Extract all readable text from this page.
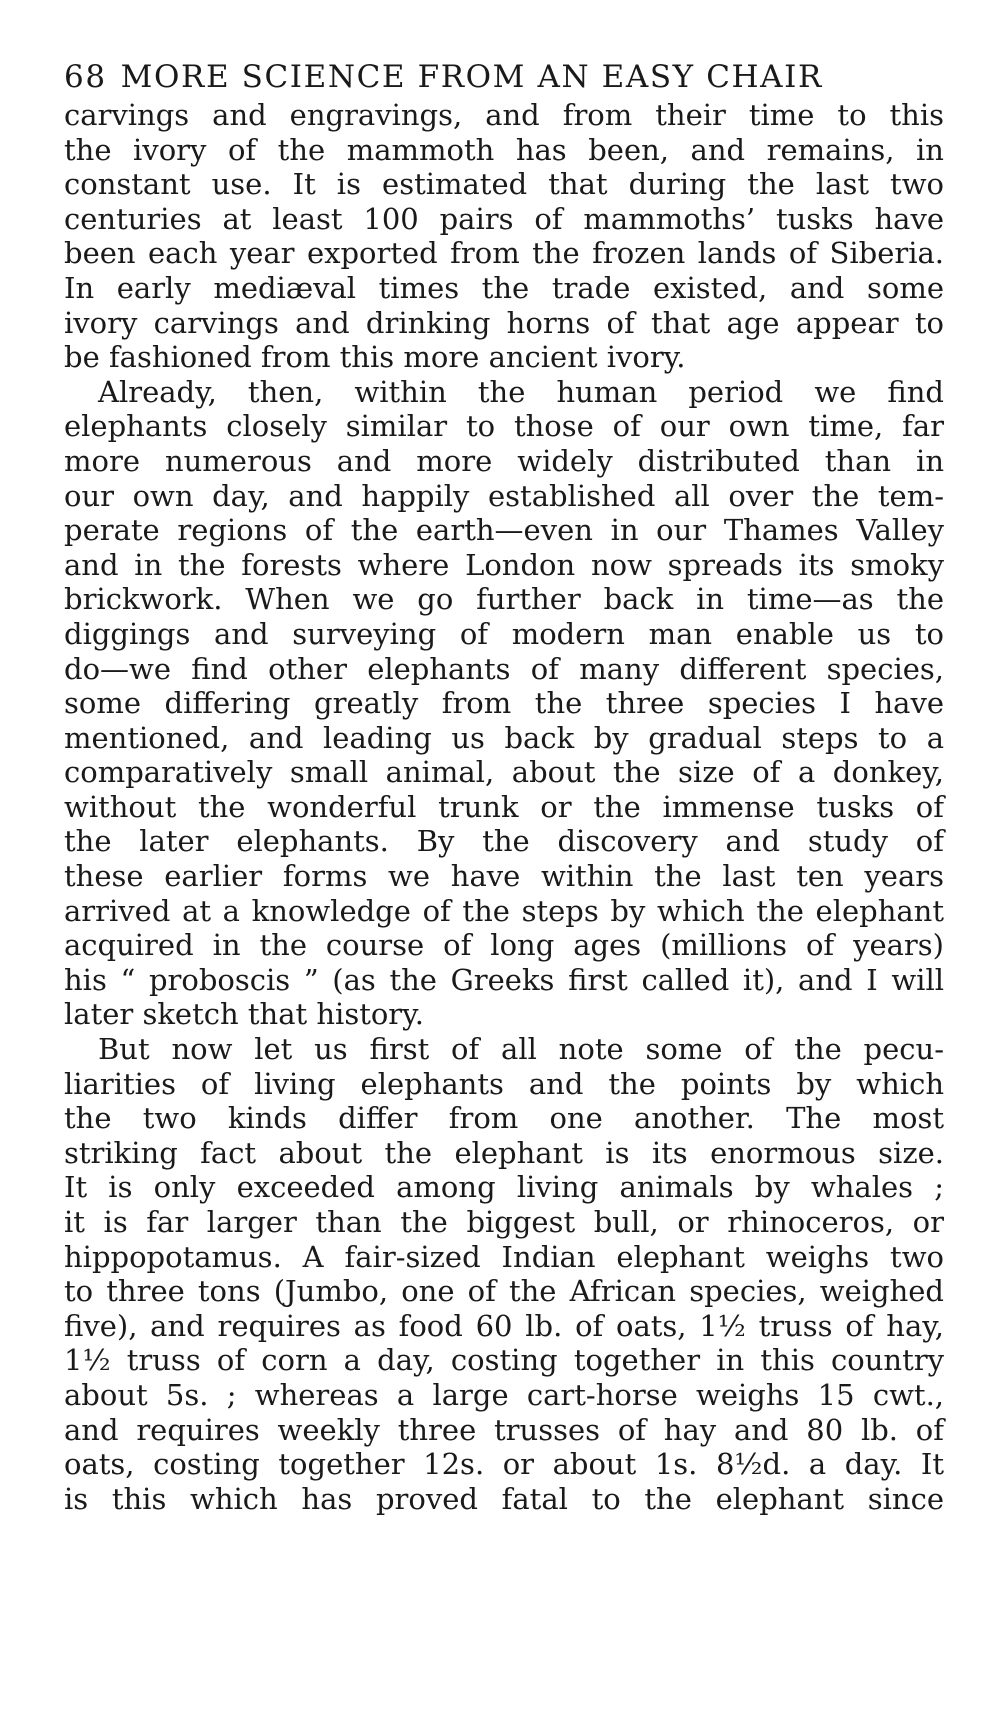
68 MORE SCIENCE FROM AN EASY CHAIR
carvings and engravings, and from their time to this
the ivory of the mammoth has been, and remains, in
constant use. It is estimated that during the last two
centuries at least 100 pairs of mammoths’ tusks have
been each year exported from the frozen lands of Siberia.
In early mediæval times the trade existed, and some
ivory carvings and drinking horns of that age appear to
be fashioned from this more ancient ivory.
Already, then, within the human period we find
elephants closely similar to those of our own time, far
more numerous and more widely distributed than in
our own day, and happily established all over the tem-
perate regions of the earth—even in our Thames Valley
and in the forests where London now spreads its smoky
brickwork. When we go further back in time—as the
diggings and surveying of modern man enable us to
do—we find other elephants of many different species,
some differing greatly from the three species I have
mentioned, and leading us back by gradual steps to a
comparatively small animal, about the size of a donkey,
without the wonderful trunk or the immense tusks of
the later elephants. By the discovery and study of
these earlier forms we have within the last ten years
arrived at a knowledge of the steps by which the elephant
acquired in the course of long ages (millions of years)
his “ proboscis ” (as the Greeks first called it), and I will
later sketch that history.
But now let us first of all note some of the pecu-
liarities of living elephants and the points by which
the two kinds differ from one another. The most
striking fact about the elephant is its enormous size.
It is only exceeded among living animals by whales ;
it is far larger than the biggest bull, or rhinoceros, or
hippopotamus. A fair-sized Indian elephant weighs two
to three tons (Jumbo, one of the African species, weighed
five), and requires as food 60 lb. of oats, 1½ truss of hay,
1½ truss of corn a day, costing together in this country
about 5s. ; whereas a large cart-horse weighs 15 cwt.,
and requires weekly three trusses of hay and 80 lb. of
oats, costing together 12s. or about 1s. 8½d. a day. It
is this which has proved fatal to the elephant since
